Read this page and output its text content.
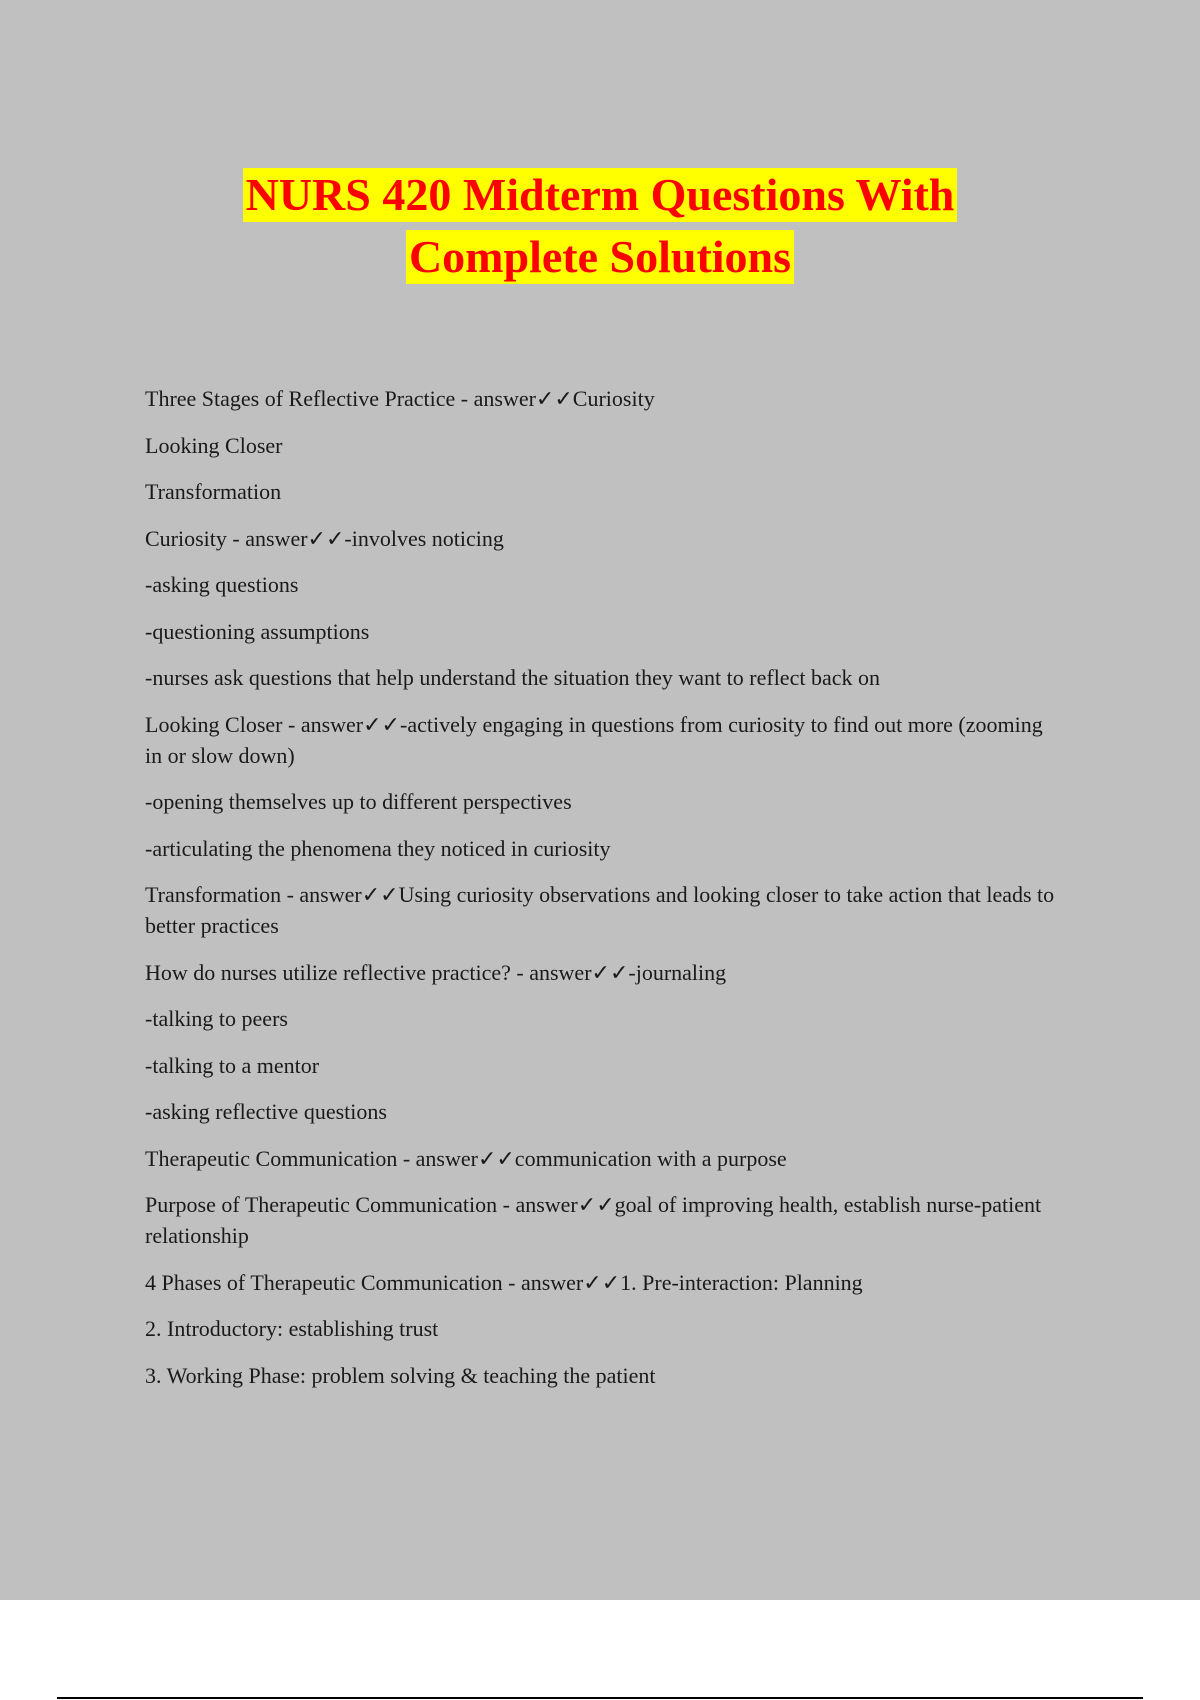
NURS 420 Midterm Questions With
Complete Solutions

Three Stages of Reflective Practice - answer✓✓Curiosity

Looking Closer

Transformation

Curiosity - answer✓✓-involves noticing

-asking questions

-questioning assumptions

-nurses ask questions that help understand the situation they want to reflect back on

Looking Closer - answer✓✓-actively engaging in questions from curiosity to find out more (zooming in or slow down)

-opening themselves up to different perspectives

-articulating the phenomena they noticed in curiosity

Transformation - answer✓✓Using curiosity observations and looking closer to take action that leads to better practices

How do nurses utilize reflective practice? - answer✓✓-journaling

-talking to peers

-talking to a mentor

-asking reflective questions

Therapeutic Communication - answer✓✓communication with a purpose

Purpose of Therapeutic Communication - answer✓✓goal of improving health, establish nurse-patient relationship

4 Phases of Therapeutic Communication - answer✓✓1. Pre-interaction: Planning

2. Introductory: establishing trust

3. Working Phase: problem solving & teaching the patient
